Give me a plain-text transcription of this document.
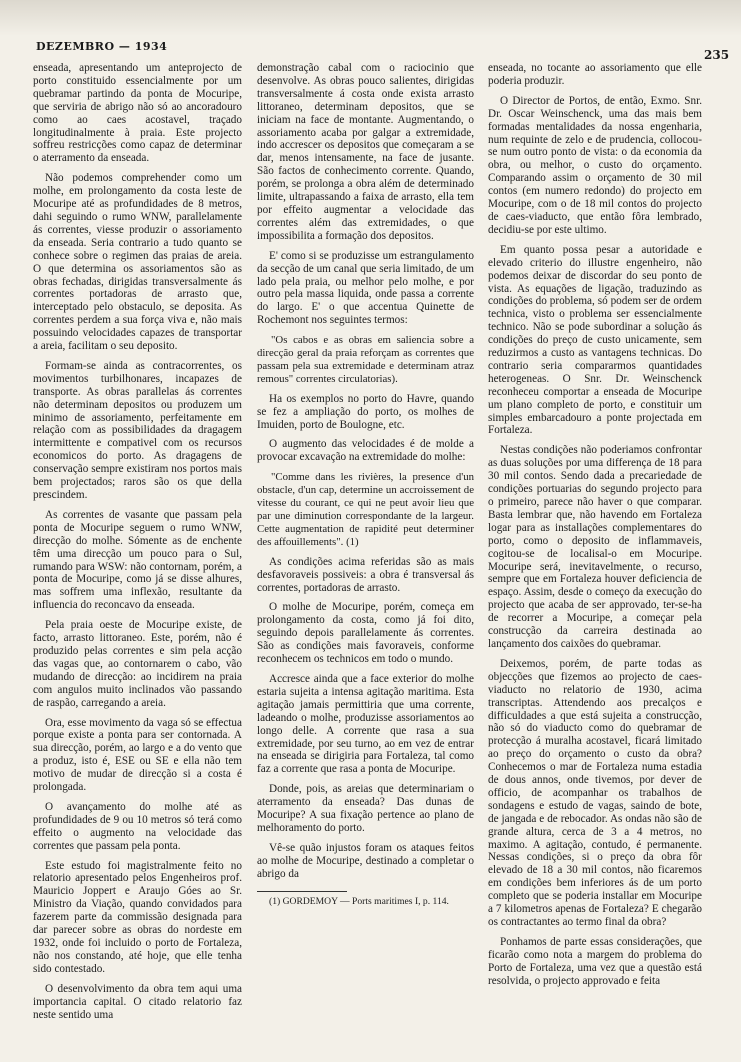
DEZEMBRO — 1934
235

enseada, apresentando um anteprojecto de porto constituido essencialmente por um quebramar partindo da ponta de Mocuripe, que serviria de abrigo não só ao ancoradouro como ao caes acostavel, traçado longitudinalmente à praia. Este projecto soffreu restricções como capaz de determinar o aterramento da enseada.

Não podemos comprehender como um molhe, em prolongamento da costa leste de Mocuripe até as profundidades de 8 metros, dahi seguindo o rumo WNW, parallelamente ás correntes, viesse produzir o assoriamento da enseada. Seria contrario a tudo quanto se conhece sobre o regimen das praias de areia. O que determina os assoriamentos são as obras fechadas, dirigidas transversalmente ás correntes portadoras de arrasto que, interceptado pelo obstaculo, se deposita. As correntes perdem a sua força viva e, não mais possuindo velocidades capazes de transportar a areia, facilitam o seu deposito.

Formam-se ainda as contracorrentes, os movimentos turbilhonares, incapazes de transporte. As obras parallelas ás correntes não determinam depositos ou produzem um minimo de assoriamento, perfeitamente em relação com as possibilidades da dragagem intermittente e compativel com os recursos economicos do porto. As dragagens de conservação sempre existiram nos portos mais bem projectados; raros são os que della prescindem.

As correntes de vasante que passam pela ponta de Mocuripe seguem o rumo WNW, direcção do molhe. Sómente as de enchente têm uma direcção um pouco para o Sul, rumando para WSW: não contornam, porém, a ponta de Mocuripe, como já se disse alhures, mas soffrem uma inflexão, resultante da influencia do reconcavo da enseada.

Pela praia oeste de Mocuripe existe, de facto, arrasto littoraneo. Este, porém, não é produzido pelas correntes e sim pela acção das vagas que, ao contornarem o cabo, vão mudando de direcção: ao incidirem na praia com angulos muito inclinados vão passando de raspão, carregando a areia.

Ora, esse movimento da vaga só se effectua porque existe a ponta para ser contornada. A sua direcção, porém, ao largo e a do vento que a produz, isto é, ESE ou SE e ella não tem motivo de mudar de direcção si a costa é prolongada.

O avançamento do molhe até as profundidades de 9 ou 10 metros só terá como effeito o augmento na velocidade das correntes que passam pela ponta.

Este estudo foi magistralmente feito no relatorio apresentado pelos Engenheiros prof. Mauricio Joppert e Araujo Góes ao Sr. Ministro da Viação, quando convidados para fazerem parte da commissão designada para dar parecer sobre as obras do nordeste em 1932, onde foi incluido o porto de Fortaleza, não nos constando, até hoje, que elle tenha sido contestado.

O desenvolvimento da obra tem aqui uma importancia capital. O citado relatorio faz neste sentido uma

demonstração cabal com o raciocinio que desenvolve. As obras pouco salientes, dirigidas transversalmente á costa onde exista arrasto littoraneo, determinam depositos, que se iniciam na face de montante. Augmentando, o assoriamento acaba por galgar a extremidade, indo accrescer os depositos que começaram a se dar, menos intensamente, na face de jusante. São factos de conhecimento corrente. Quando, porém, se prolonga a obra além de determinado limite, ultrapassando a faixa de arrasto, ella tem por effeito augmentar a velocidade das correntes além das extremidades, o que impossibilita a formação dos depositos.

E' como si se produzisse um estrangulamento da secção de um canal que seria limitado, de um lado pela praia, ou melhor pelo molhe, e por outro pela massa liquida, onde passa a corrente do largo. E' o que accentua Quinette de Rochemont nos seguintes termos:

"Os cabos e as obras em saliencia sobre a direcção geral da praia reforçam as correntes que passam pela sua extremidade e determinam atraz remous" correntes circulatorias).

Ha os exemplos no porto do Havre, quando se fez a ampliação do porto, os molhes de Imuiden, porto de Boulogne, etc.

O augmento das velocidades é de molde a provocar excavação na extremidade do molhe:

"Comme dans les rivières, la presence d'un obstacle, d'un cap, determine un accroissement de vitesse du courant, ce qui ne peut avoir lieu que par une diminution correspondante de la largeur. Cette augmentation de rapidité peut determiner des affouillements". (1)

As condições acima referidas são as mais desfavoraveis possiveis: a obra é transversal ás correntes, portadoras de arrasto.

O molhe de Mocuripe, porém, começa em prolongamento da costa, como já foi dito, seguindo depois parallelamente ás correntes. São as condições mais favoraveis, conforme reconhecem os technicos em todo o mundo.

Accresce ainda que a face exterior do molhe estaria sujeita a intensa agitação maritima. Esta agitação jamais permittiria que uma corrente, ladeando o molhe, produzisse assoriamentos ao longo delle. A corrente que rasa a sua extremidade, por seu turno, ao em vez de entrar na enseada se dirigiria para Fortaleza, tal como faz a corrente que rasa a ponta de Mocuripe.

Donde, pois, as areias que determinariam o aterramento da enseada? Das dunas de Mocuripe? A sua fixação pertence ao plano de melhoramento do porto.

Vê-se quão injustos foram os ataques feitos ao molhe de Mocuripe, destinado a completar o abrigo da

(1) GORDEMOY — Ports maritimes I, p. 114.

enseada, no tocante ao assoriamento que elle poderia produzir.

O Director de Portos, de então, Exmo. Snr. Dr. Oscar Weinschenck, uma das mais bem formadas mentalidades da nossa engenharia, num requinte de zelo e de prudencia, collocou-se num outro ponto de vista: o da economia da obra, ou melhor, o custo do orçamento. Comparando assim o orçamento de 30 mil contos (em numero redondo) do projecto em Mocuripe, com o de 18 mil contos do projecto de caes-viaducto, que então fôra lembrado, decidiu-se por este ultimo.

Em quanto possa pesar a autoridade e elevado criterio do illustre engenheiro, não podemos deixar de discordar do seu ponto de vista. As equações de ligação, traduzindo as condições do problema, só podem ser de ordem technica, visto o problema ser essencialmente technico. Não se pode subordinar a solução ás condições do preço de custo unicamente, sem reduzirmos a custo as vantagens technicas. Do contrario seria compararmos quantidades heterogeneas. O Snr. Dr. Weinschenck reconheceu comportar a enseada de Mocuripe um plano completo de porto, e constituir um simples embarcadouro a ponte projectada em Fortaleza.

Nestas condições não poderiamos confrontar as duas soluções por uma differença de 18 para 30 mil contos. Sendo dada a precariedade de condições portuarias do segundo projecto para o primeiro, parece não haver o que comparar. Basta lembrar que, não havendo em Fortaleza logar para as installações complementares do porto, como o deposito de inflammaveis, cogitou-se de localisal-o em Mocuripe. Mocuripe será, inevitavelmente, o recurso, sempre que em Fortaleza houver deficiencia de espaço. Assim, desde o começo da execução do projecto que acaba de ser approvado, ter-se-ha de recorrer a Mocuripe, a começar pela construcção da carreira destinada ao lançamento dos caixões do quebramar.

Deixemos, porém, de parte todas as objecções que fizemos ao projecto de caes-viaducto no relatorio de 1930, acima transcriptas. Attendendo aos precalços e difficuldades a que está sujeita a construcção, não só do viaducto como do quebramar de protecção á muralha acostavel, ficará limitado ao preço do orçamento o custo da obra? Conhecemos o mar de Fortaleza numa estadia de dous annos, onde tivemos, por dever de officio, de acompanhar os trabalhos de sondagens e estudo de vagas, saindo de bote, de jangada e de rebocador. As ondas não são de grande altura, cerca de 3 a 4 metros, no maximo. A agitação, contudo, é permanente. Nessas condições, si o preço da obra fôr elevado de 18 a 30 mil contos, não ficaremos em condições bem inferiores ás de um porto completo que se poderia installar em Mocuripe a 7 kilometros apenas de Fortaleza? E chegarão os contractantes ao termo final da obra?

Ponhamos de parte essas considerações, que ficarão como nota a margem do problema do Porto de Fortaleza, uma vez que a questão está resolvida, o projecto approvado e feita
